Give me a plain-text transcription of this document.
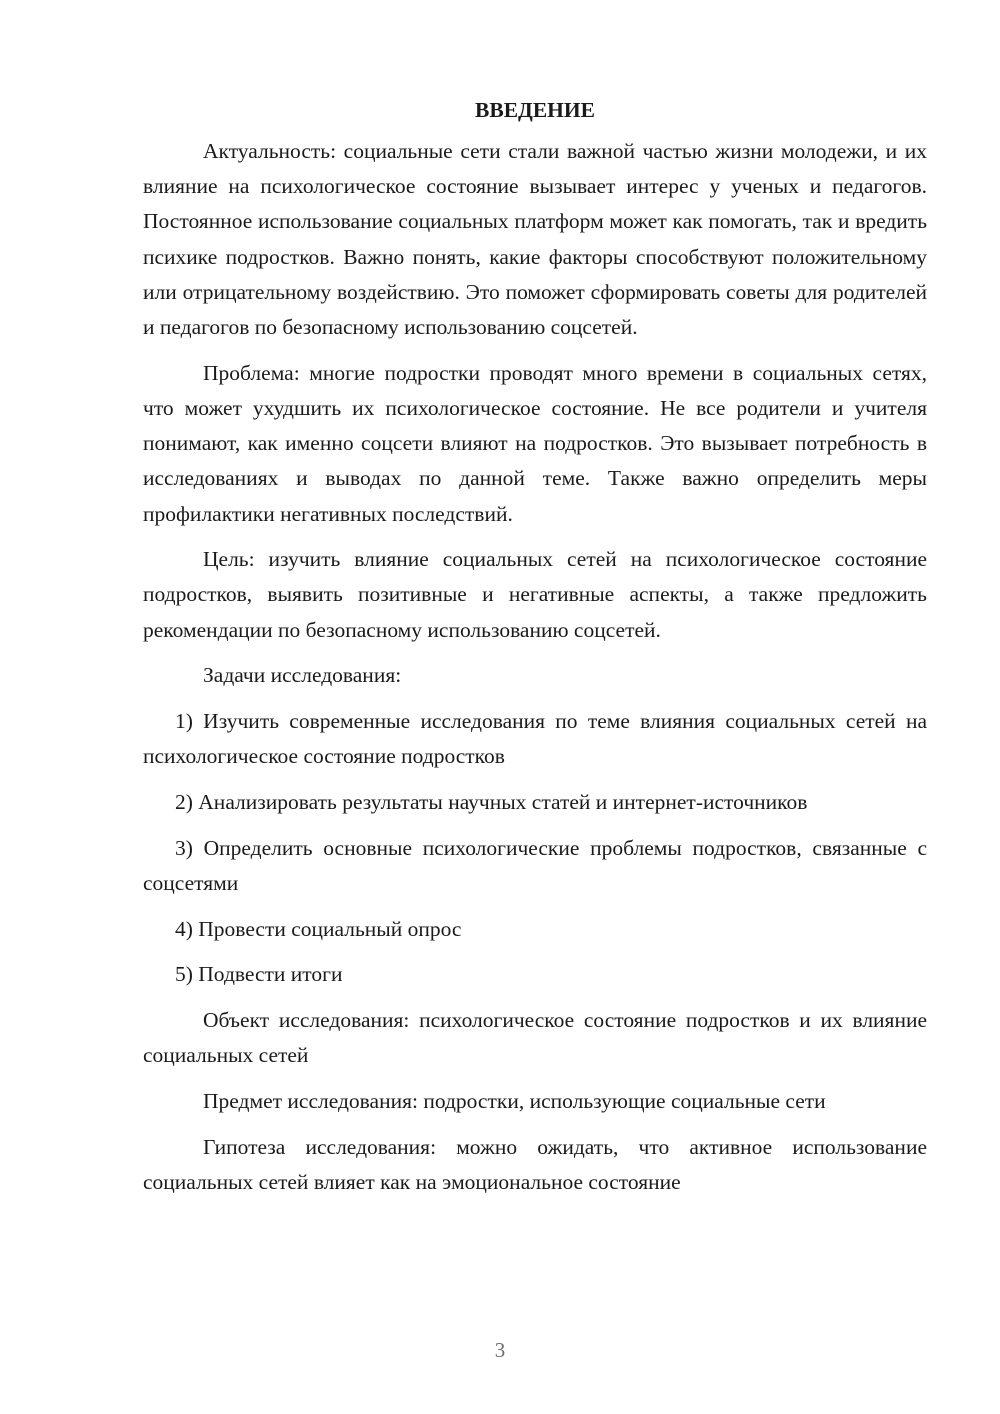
ВВЕДЕНИЕ

Актуальность: социальные сети стали важной частью жизни молодежи, и их влияние на психологическое состояние вызывает интерес у ученых и педагогов. Постоянное использование социальных платформ может как помогать, так и вредить психике подростков. Важно понять, какие факторы способствуют положительному или отрицательному воздействию. Это поможет сформировать советы для родителей и педагогов по безопасному использованию соцсетей.

Проблема: многие подростки проводят много времени в социальных сетях, что может ухудшить их психологическое состояние. Не все родители и учителя понимают, как именно соцсети влияют на подростков. Это вызывает потребность в исследованиях и выводах по данной теме. Также важно определить меры профилактики негативных последствий.

Цель: изучить влияние социальных сетей на психологическое состояние подростков, выявить позитивные и негативные аспекты, а также предложить рекомендации по безопасному использованию соцсетей.

Задачи исследования:

1) Изучить современные исследования по теме влияния социальных сетей на психологическое состояние подростков

2) Анализировать результаты научных статей и интернет-источников

3) Определить основные психологические проблемы подростков, связанные с соцсетями

4) Провести социальный опрос

5) Подвести итоги

Объект исследования: психологическое состояние подростков и их влияние социальных сетей

Предмет исследования: подростки, использующие социальные сети

Гипотеза исследования: можно ожидать, что активное использование социальных сетей влияет как на эмоциональное состояние

3
